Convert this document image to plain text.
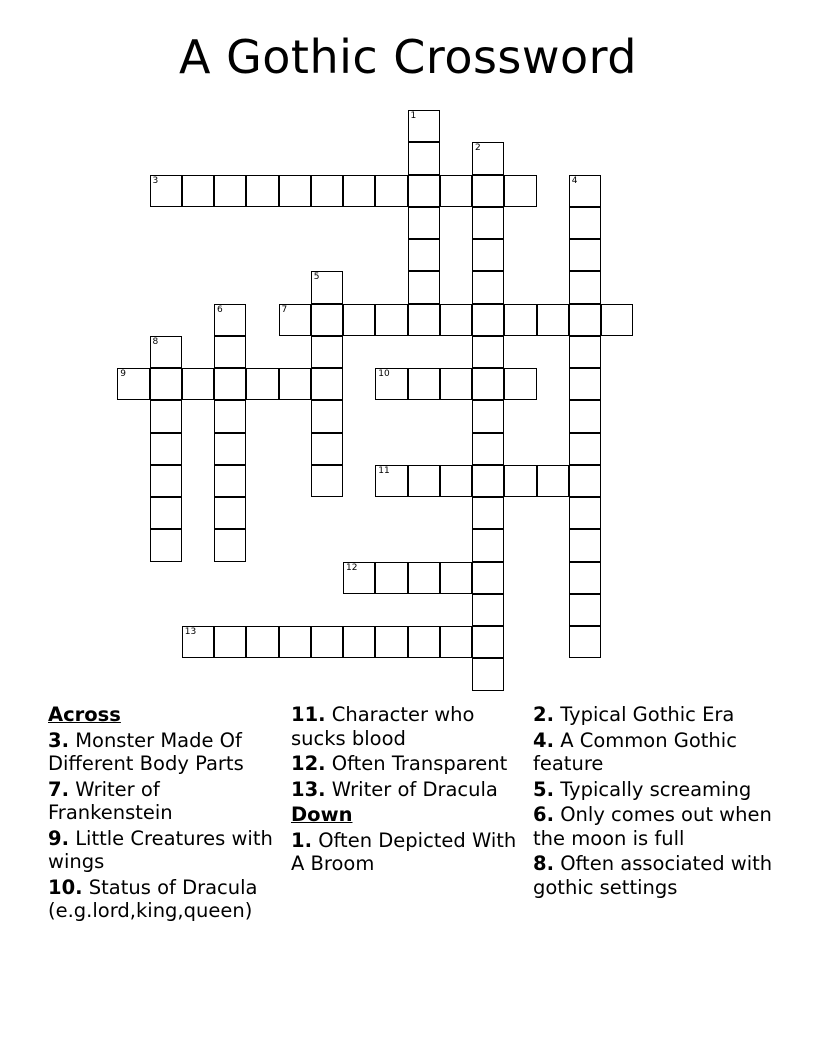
A Gothic Crossword
1
2
3	4
5
6	7
8
9	10
11
12
13
Across
3. Monster Made Of Different Body Parts
7. Writer of Frankenstein
9. Little Creatures with wings
10. Status of Dracula (e.g.lord,king,queen)
11. Character who sucks blood
12. Often Transparent
13. Writer of Dracula
Down
1. Often Depicted With A Broom
2. Typical Gothic Era
4. A Common Gothic feature
5. Typically screaming
6. Only comes out when the moon is full
8. Often associated with gothic settings
